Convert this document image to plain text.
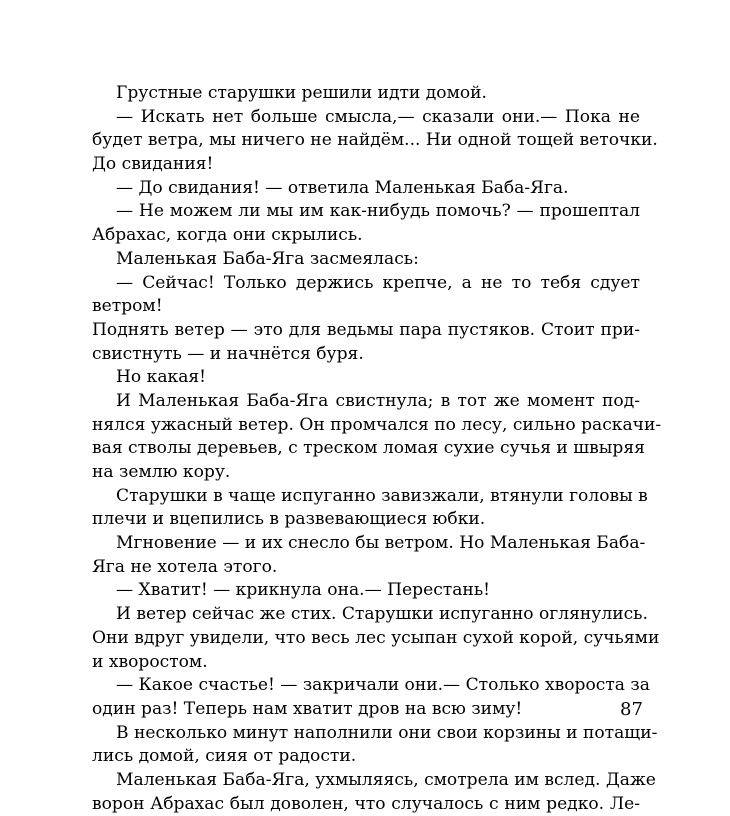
Грустные старушки решили идти домой.
— Искать нет больше смысла,— сказали они.— Пока не
будет ветра, мы ничего не найдём... Ни одной тощей веточки.
До свидания!
— До свидания! — ответила Маленькая Баба-Яга.
— Не можем ли мы им как-нибудь помочь? — прошептал
Абрахас, когда они скрылись.
Маленькая Баба-Яга засмеялась:
— Сейчас! Только держись крепче, а не то тебя сдует
ветром!
Поднять ветер — это для ведьмы пара пустяков. Стоит при-
свистнуть — и начнётся буря.
Но какая!
И Маленькая Баба-Яга свистнула; в тот же момент под-
нялся ужасный ветер. Он промчался по лесу, сильно раскачи-
вая стволы деревьев, с треском ломая сухие сучья и швыряя
на землю кору.
Старушки в чаще испуганно завизжали, втянули головы в
плечи и вцепились в развевающиеся юбки.
Мгновение — и их снесло бы ветром. Но Маленькая Баба-
Яга не хотела этого.
— Хватит! — крикнула она.— Перестань!
И ветер сейчас же стих. Старушки испуганно оглянулись.
Они вдруг увидели, что весь лес усыпан сухой корой, сучьями
и хворостом.
— Какое счастье! — закричали они.— Столько хвороста за
один раз! Теперь нам хватит дров на всю зиму!
В несколько минут наполнили они свои корзины и потащи-
лись домой, сияя от радости.
Маленькая Баба-Яга, ухмыляясь, смотрела им вслед. Даже
ворон Абрахас был доволен, что случалось с ним редко. Ле-
87
